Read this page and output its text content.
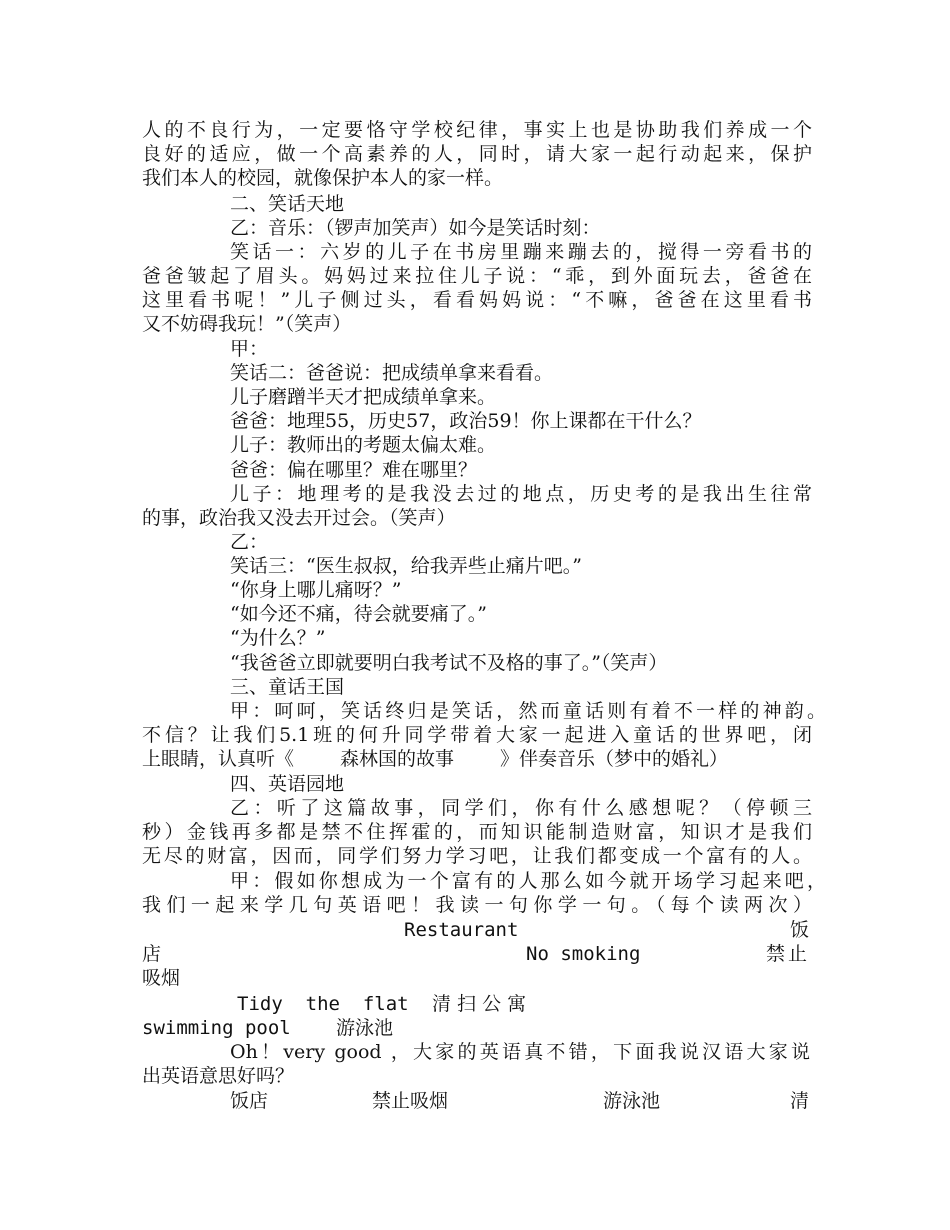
人的不良行为，一定要恪守学校纪律，事实上也是协助我们养成一个
良好的适应，做一个高素养的人，同时，请大家一起行动起来，保护
我们本人的校园，就像保护本人的家一样。
二、笑话天地
乙：音乐：（锣声加笑声）如今是笑话时刻：
笑话一：六岁的儿子在书房里蹦来蹦去的，搅得一旁看书的
爸爸皱起了眉头。妈妈过来拉住儿子说：“乖，到外面玩去，爸爸在
这里看书呢！”儿子侧过头，看看妈妈说：“不嘛，爸爸在这里看书
又不妨碍我玩！”（笑声）
甲：
笑话二：爸爸说：把成绩单拿来看看。
儿子磨蹭半天才把成绩单拿来。
爸爸：地理55，历史57，政治59！你上课都在干什么？
儿子：教师出的考题太偏太难。
爸爸：偏在哪里？难在哪里？
儿子：地理考的是我没去过的地点，历史考的是我出生往常
的事，政治我又没去开过会。（笑声）
乙：
笑话三：“医生叔叔，给我弄些止痛片吧。”
“你身上哪儿痛呀？”
“如今还不痛，待会就要痛了。”
“为什么？”
“我爸爸立即就要明白我考试不及格的事了。”（笑声）
三、童话王国
甲：呵呵，笑话终归是笑话，然而童话则有着不一样的神韵。
不信？让我们5.1班的何升同学带着大家一起进入童话的世界吧，闭
上眼睛，认真听《 森林国的故事 》伴奏音乐（梦中的婚礼）
四、英语园地
乙：听了这篇故事，同学们，你有什么感想呢？（停顿三
秒）金钱再多都是禁不住挥霍的，而知识能制造财富，知识才是我们
无尽的财富，因而，同学们努力学习吧，让我们都变成一个富有的人。
甲：假如你想成为一个富有的人那么如今就开场学习起来吧，
我们一起来学几句英语吧！我读一句你学一句。（每个读两次）
Restaurant	饭
店	No smoking	禁止
吸烟
Tidy  the  flat 清 扫 公 寓
swimming pool 游泳池
Oh！very good ，大家的英语真不错，下面我说汉语大家说
出英语意思好吗？
饭店	禁止吸烟	游泳池	清
